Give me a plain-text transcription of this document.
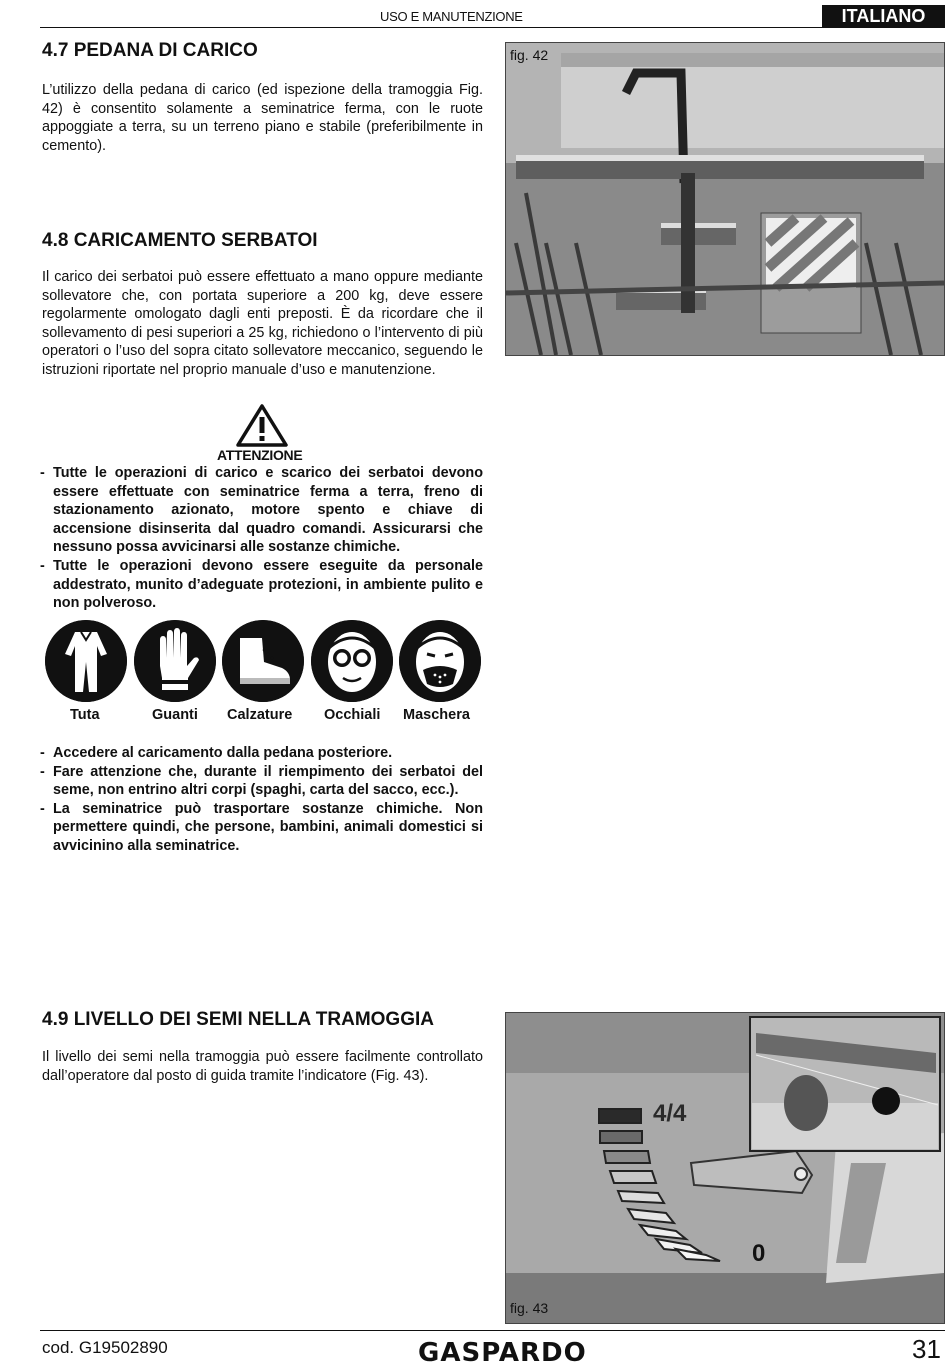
USO E MANUTENZIONE	ITALIANO
4.7 PEDANA DI CARICO

L’utilizzo della pedana di carico (ed ispezione della tramoggia Fig. 42) è consentito solamente a seminatrice ferma, con le ruote appoggiate a terra, su un terreno piano e stabile (preferibilmente in cemento).

fig. 42
4.8 CARICAMENTO SERBATOI

Il carico dei serbatoi può essere effettuato a mano oppure mediante sollevatore che, con portata superiore a 200 kg, deve essere regolarmente omologato dagli enti preposti. È da ricordare che il sollevamento di pesi superiori a 25 kg, richiedono o l’intervento di più operatori o l’uso del sopra citato sollevatore meccanico, seguendo le istruzioni riportate nel proprio manuale d’uso e manutenzione.

ATTENZIONE
- Tutte le operazioni di carico e scarico dei serbatoi devono essere effettuate con seminatrice ferma a terra, freno di stazionamento azionato, motore spento e chiave di accensione disinserita dal quadro comandi. Assicurarsi che nessuno possa avvicinarsi alle sostanze chimiche.
- Tutte le operazioni devono essere eseguite da personale addestrato, munito d’adeguate protezioni, in ambiente pulito e non polveroso.
Tuta	Guanti Calzature Occhiali Maschera
- Accedere al caricamento dalla pedana posteriore.
- Fare attenzione che, durante il riempimento dei serbatoi del seme, non entrino altri corpi (spaghi, carta del sacco, ecc.).
- La seminatrice può trasportare sostanze chimiche. Non permettere quindi, che persone, bambini, animali domestici si avvicinino alla seminatrice.
4.9 LIVELLO DEI SEMI NELLA TRAMOGGIA

Il livello dei semi nella tramoggia può essere facilmente controllato dall’operatore dal posto di guida tramite l’indicatore (Fig. 43).

4/4
0
fig. 43
cod. G19502890	GASPARDO	31
